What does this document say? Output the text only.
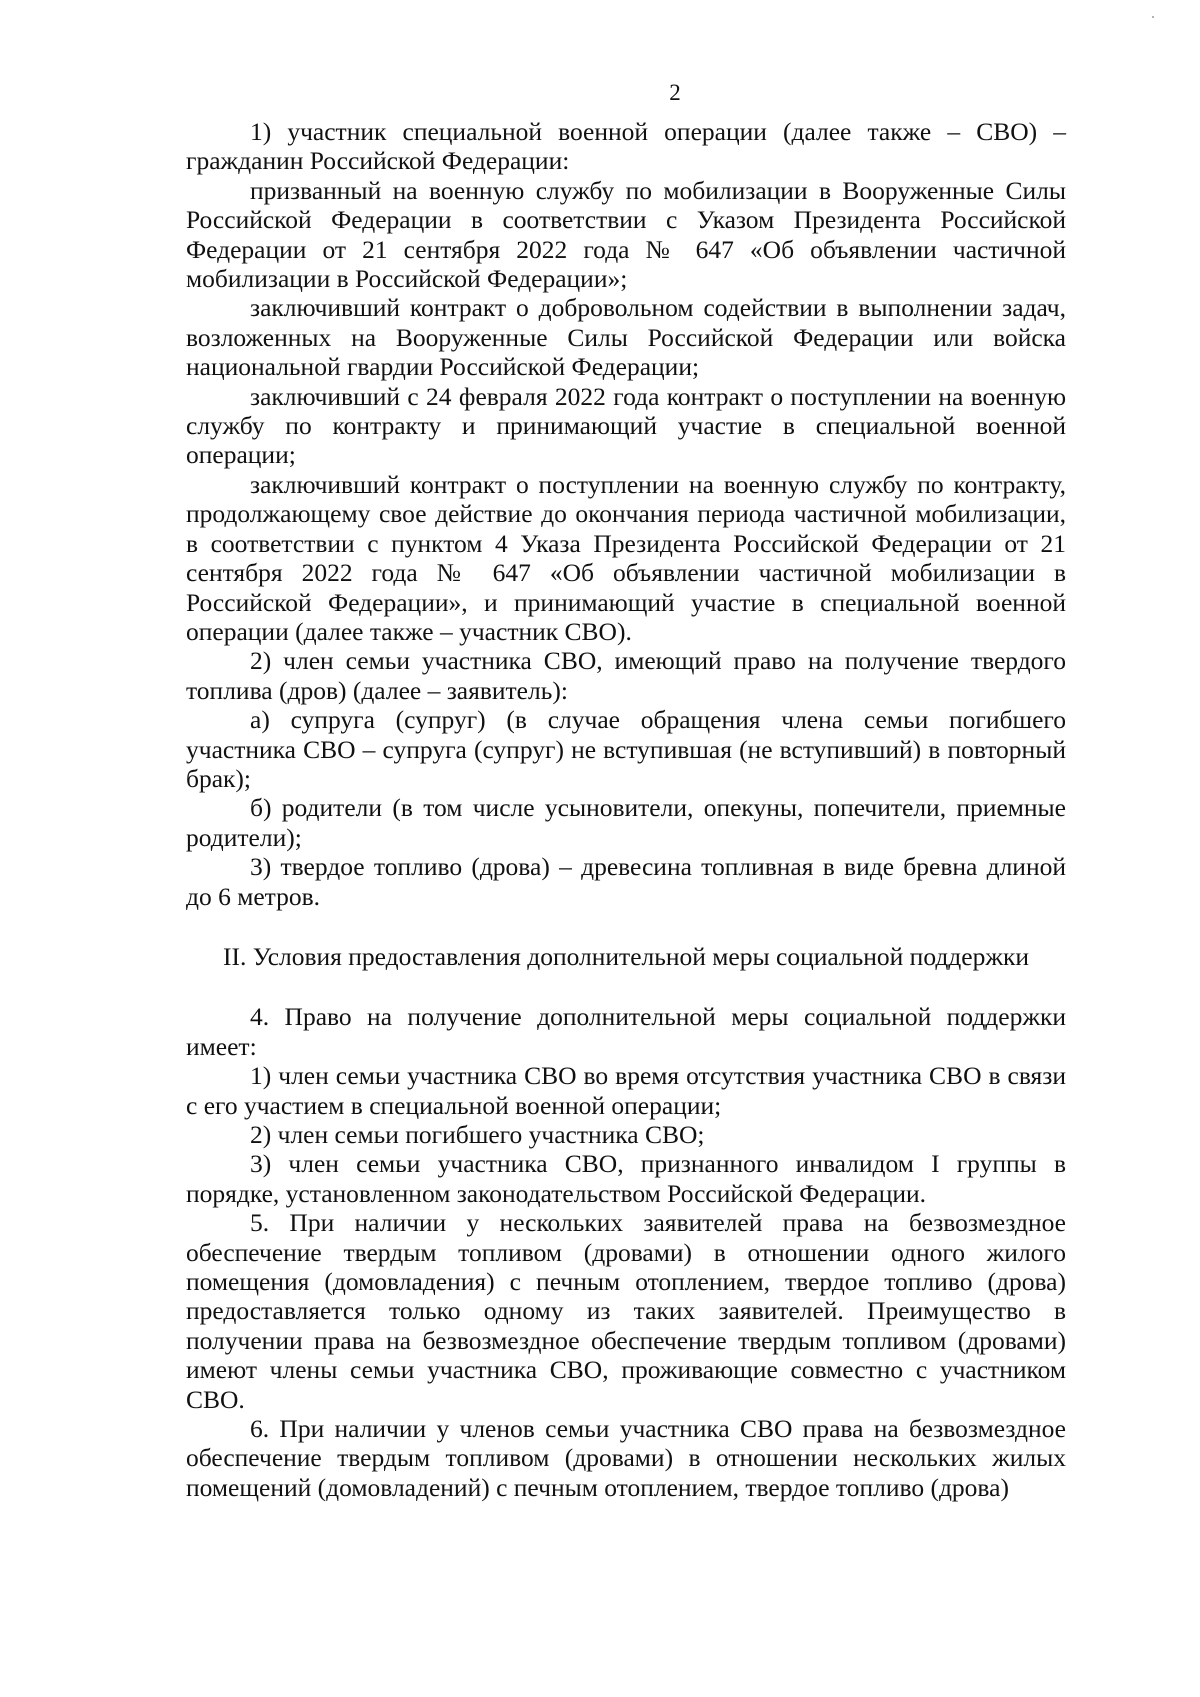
2

1) участник специальной военной операции (далее также – СВО) – гражданин Российской Федерации:

призванный на военную службу по мобилизации в Вооруженные Силы Российской Федерации в соответствии с Указом Президента Российской Федерации от 21 сентября 2022 года № 647 «Об объявлении частичной мобилизации в Российской Федерации»;

заключивший контракт о добровольном содействии в выполнении задач, возложенных на Вооруженные Силы Российской Федерации или войска национальной гвардии Российской Федерации;

заключивший с 24 февраля 2022 года контракт о поступлении на военную службу по контракту и принимающий участие в специальной военной операции;

заключивший контракт о поступлении на военную службу по контракту, продолжающему свое действие до окончания периода частичной мобилизации, в соответствии с пунктом 4 Указа Президента Российской Федерации от 21 сентября 2022 года № 647 «Об объявлении частичной мобилизации в Российской Федерации», и принимающий участие в специальной военной операции (далее также – участник СВО).

2) член семьи участника СВО, имеющий право на получение твердого топлива (дров) (далее – заявитель):

а) супруга (супруг) (в случае обращения члена семьи погибшего участника СВО – супруга (супруг) не вступившая (не вступивший) в повторный брак);

б) родители (в том числе усыновители, опекуны, попечители, приемные родители);

3) твердое топливо (дрова) – древесина топливная в виде бревна длиной до 6 метров.

II. Условия предоставления дополнительной меры социальной поддержки

4. Право на получение дополнительной меры социальной поддержки имеет:

1) член семьи участника СВО во время отсутствия участника СВО в связи с его участием в специальной военной операции;

2) член семьи погибшего участника СВО;

3) член семьи участника СВО, признанного инвалидом I группы в порядке, установленном законодательством Российской Федерации.

5. При наличии у нескольких заявителей права на безвозмездное обеспечение твердым топливом (дровами) в отношении одного жилого помещения (домовладения) с печным отоплением, твердое топливо (дрова) предоставляется только одному из таких заявителей. Преимущество в получении права на безвозмездное обеспечение твердым топливом (дровами) имеют члены семьи участника СВО, проживающие совместно с участником СВО.

6. При наличии у членов семьи участника СВО права на безвозмездное обеспечение твердым топливом (дровами) в отношении нескольких жилых помещений (домовладений) с печным отоплением, твердое топливо (дрова)
